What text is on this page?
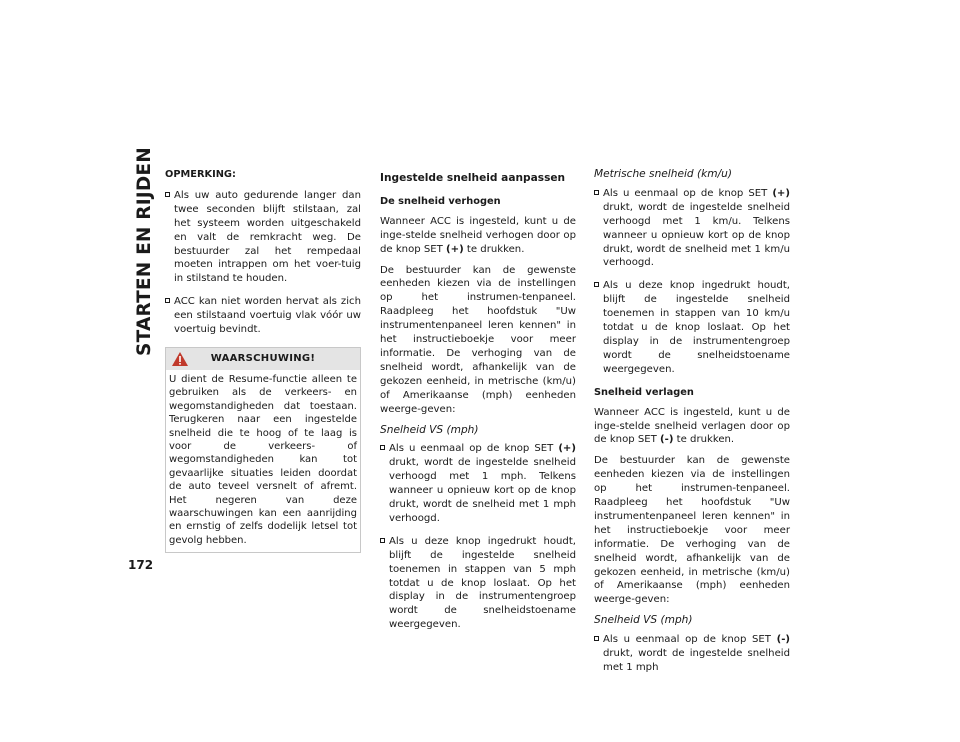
STARTEN EN RIJDEN
172
OPMERKING:
Als uw auto gedurende langer dan twee seconden blijft stilstaan, zal het systeem worden uitgeschakeld en valt de remkracht weg. De bestuurder zal het rempedaal moeten intrappen om het voer-tuig in stilstand te houden.
ACC kan niet worden hervat als zich een stilstaand voertuig vlak vóór uw voertuig bevindt.
WAARSCHUWING!
U dient de Resume-functie alleen te gebruiken als de verkeers- en wegomstandigheden dat toestaan. Terugkeren naar een ingestelde snelheid die te hoog of te laag is voor de verkeers- of wegomstandigheden kan tot gevaarlijke situaties leiden doordat de auto teveel versnelt of afremt. Het negeren van deze waarschuwingen kan een aanrijding en ernstig of zelfs dodelijk letsel tot gevolg hebben.
Ingestelde snelheid aanpassen
De snelheid verhogen

Wanneer ACC is ingesteld, kunt u de inge-stelde snelheid verhogen door op de knop SET (+) te drukken.

De bestuurder kan de gewenste eenheden kiezen via de instellingen op het instrumen-tenpaneel. Raadpleeg het hoofdstuk "Uw instrumentenpaneel leren kennen" in het instructieboekje voor meer informatie. De verhoging van de snelheid wordt, afhankelijk van de gekozen eenheid, in metrische (km/u) of Amerikaanse (mph) eenheden weerge-geven:

Snelheid VS (mph)
Als u eenmaal op de knop SET (+) drukt, wordt de ingestelde snelheid verhoogd met 1 mph. Telkens wanneer u opnieuw kort op de knop drukt, wordt de snelheid met 1 mph verhoogd.
Als u deze knop ingedrukt houdt, blijft de ingestelde snelheid toenemen in stappen van 5 mph totdat u de knop loslaat. Op het display in de instrumentengroep wordt de snelheidstoename weergegeven.
Metrische snelheid (km/u)
Als u eenmaal op de knop SET (+) drukt, wordt de ingestelde snelheid verhoogd met 1 km/u. Telkens wanneer u opnieuw kort op de knop drukt, wordt de snelheid met 1 km/u verhoogd.
Als u deze knop ingedrukt houdt, blijft de ingestelde snelheid toenemen in stappen van 10 km/u totdat u de knop loslaat. Op het display in de instrumentengroep wordt de snelheidstoename weergegeven.
Snelheid verlagen

Wanneer ACC is ingesteld, kunt u de inge-stelde snelheid verlagen door op de knop SET (-) te drukken.

De bestuurder kan de gewenste eenheden kiezen via de instellingen op het instrumen-tenpaneel. Raadpleeg het hoofdstuk "Uw instrumentenpaneel leren kennen" in het instructieboekje voor meer informatie. De verhoging van de snelheid wordt, afhankelijk van de gekozen eenheid, in metrische (km/u) of Amerikaanse (mph) eenheden weerge-geven:

Snelheid VS (mph)
Als u eenmaal op de knop SET (-) drukt, wordt de ingestelde snelheid met 1 mph
